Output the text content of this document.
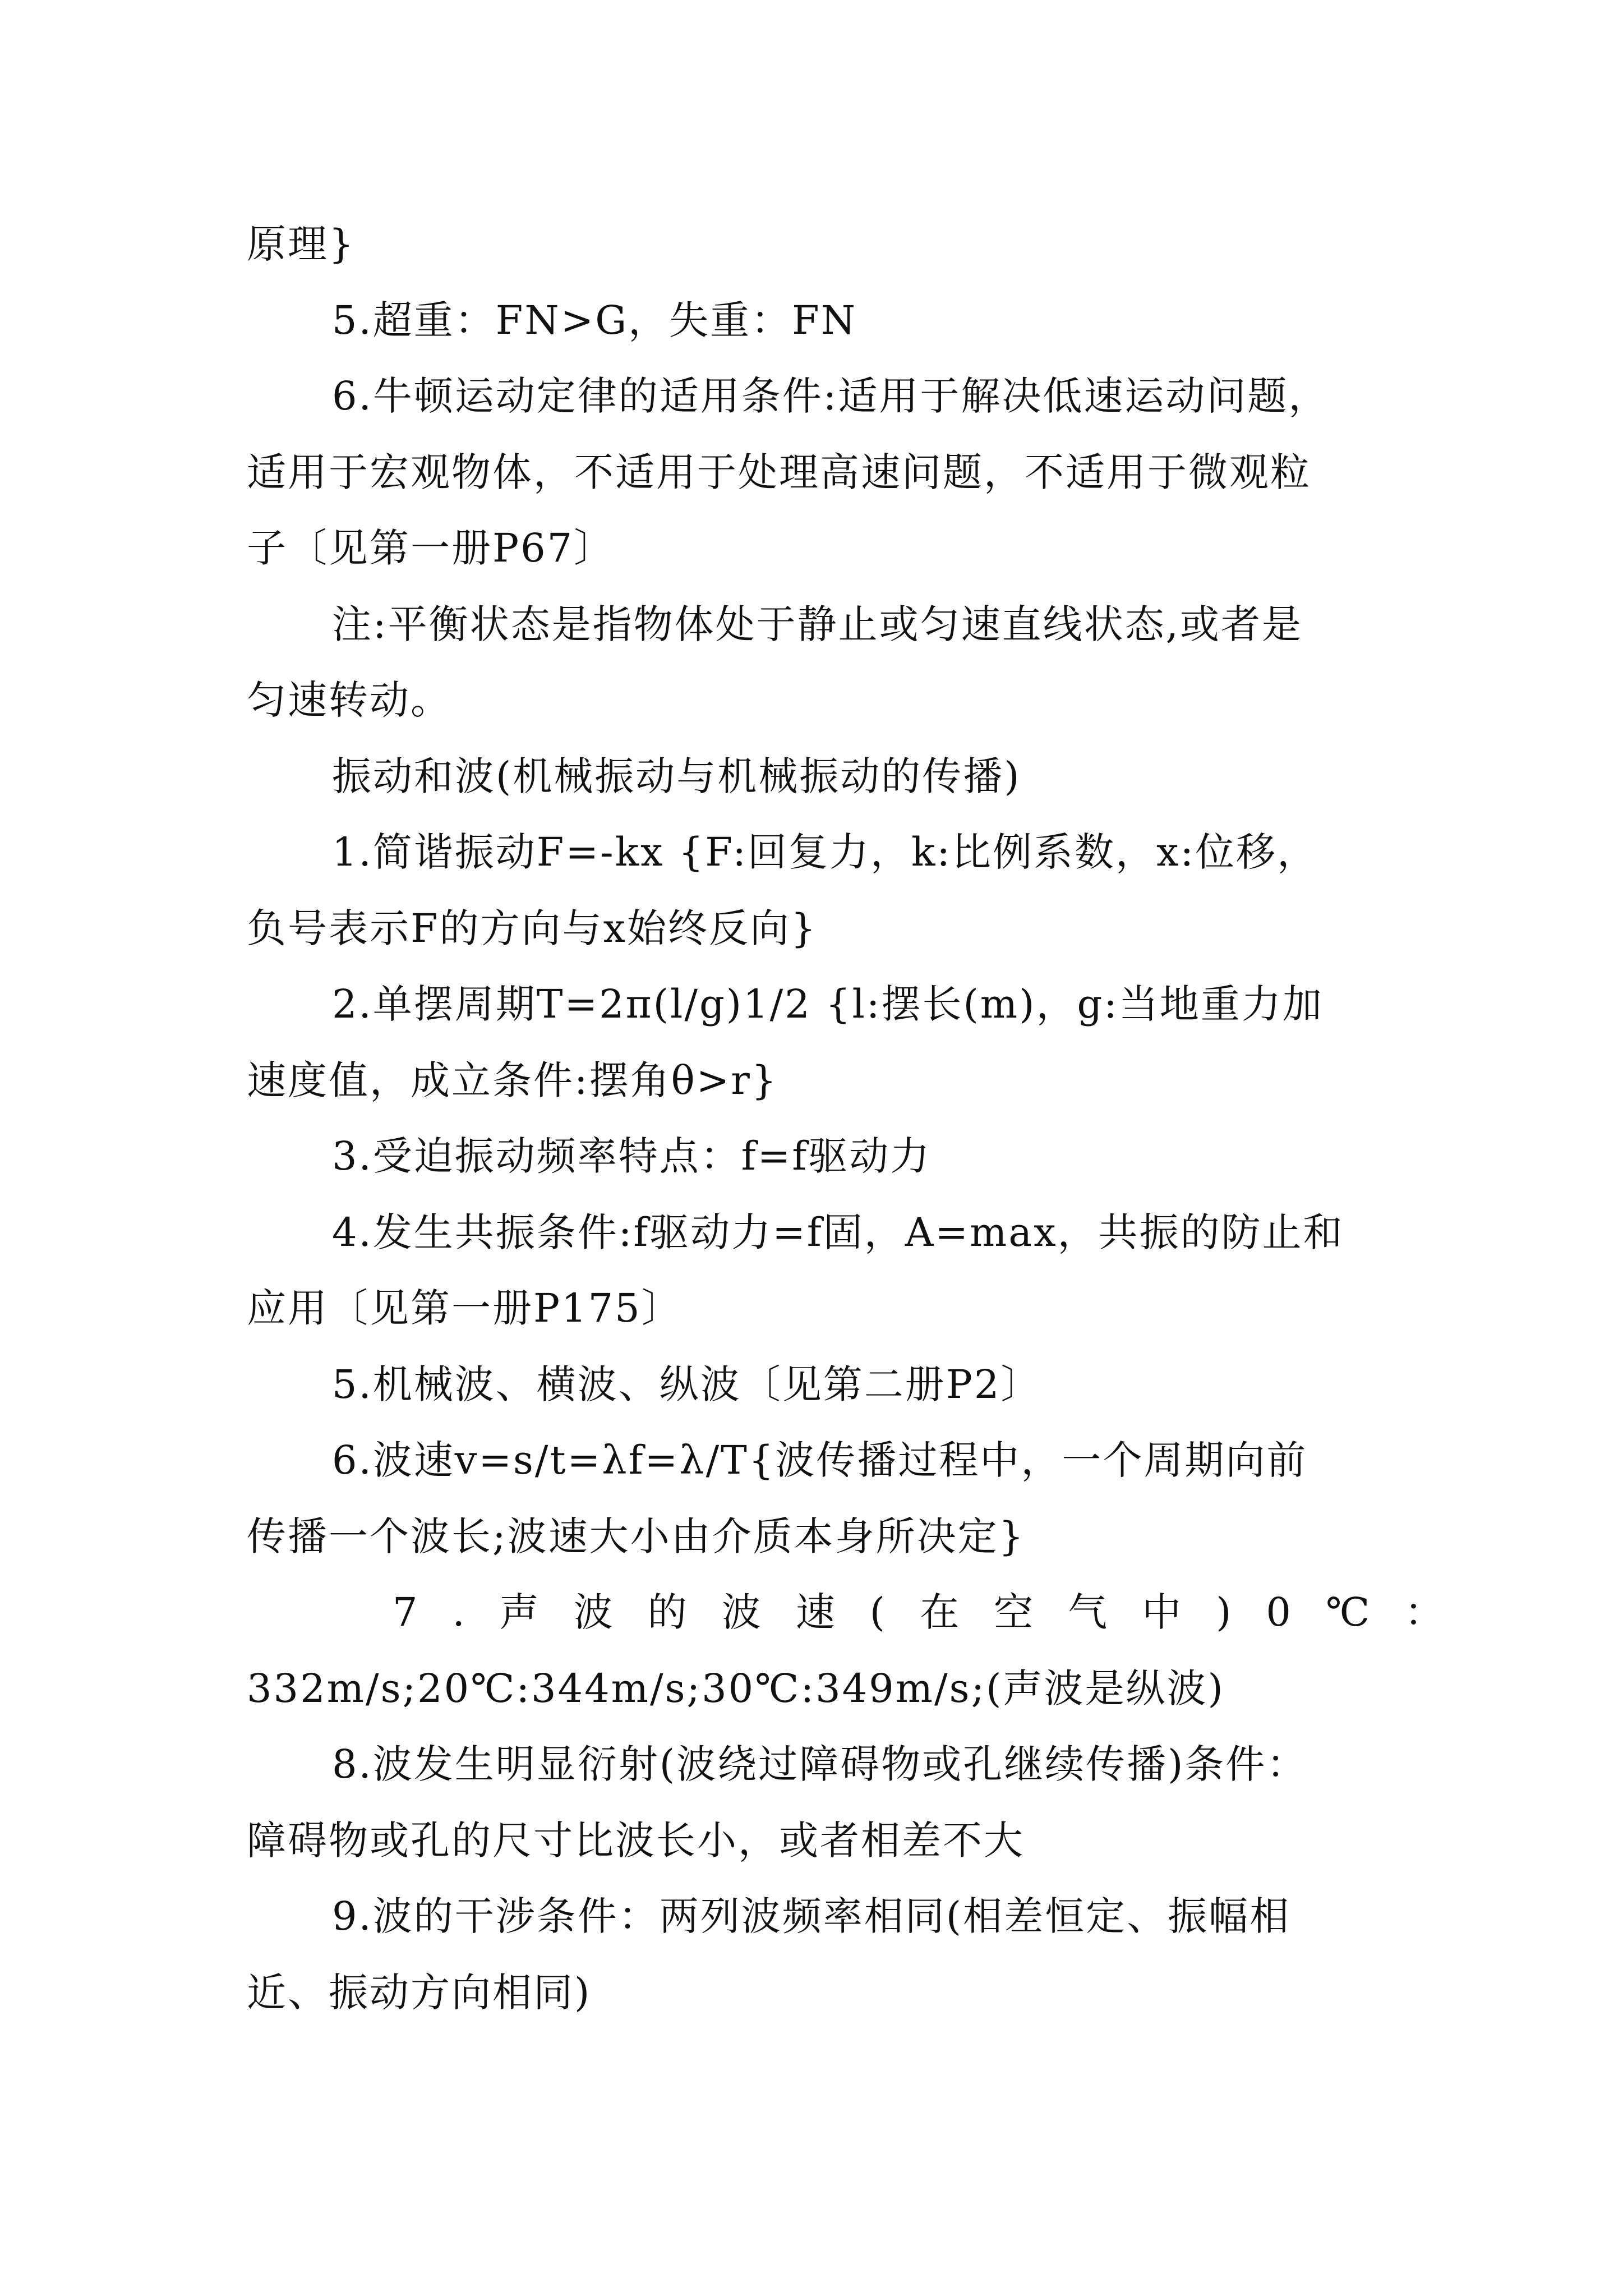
原理}
5.超重：FN>G，失重：FN
6.牛顿运动定律的适用条件:适用于解决低速运动问题，
适用于宏观物体，不适用于处理高速问题，不适用于微观粒
子〔见第一册P67〕
注:平衡状态是指物体处于静止或匀速直线状态,或者是
匀速转动。
振动和波(机械振动与机械振动的传播)
1.简谐振动F=-kx {F:回复力，k:比例系数，x:位移，
负号表示F的方向与x始终反向}
2.单摆周期T=2π(l/g)1/2 {l:摆长(m)，g:当地重力加
速度值，成立条件:摆角θ>r}
3.受迫振动频率特点：f=f驱动力
4.发生共振条件:f驱动力=f固，A=max，共振的防止和
应用〔见第一册P175〕
5.机械波、横波、纵波〔见第二册P2〕
6.波速v=s/t=λf=λ/T{波传播过程中，一个周期向前
传播一个波长;波速大小由介质本身所决定}
7.声波的波速(在空气中)0℃：
332m/s;20℃:344m/s;30℃:349m/s;(声波是纵波)
8.波发生明显衍射(波绕过障碍物或孔继续传播)条件：
障碍物或孔的尺寸比波长小，或者相差不大
9.波的干涉条件：两列波频率相同(相差恒定、振幅相
近、振动方向相同)
